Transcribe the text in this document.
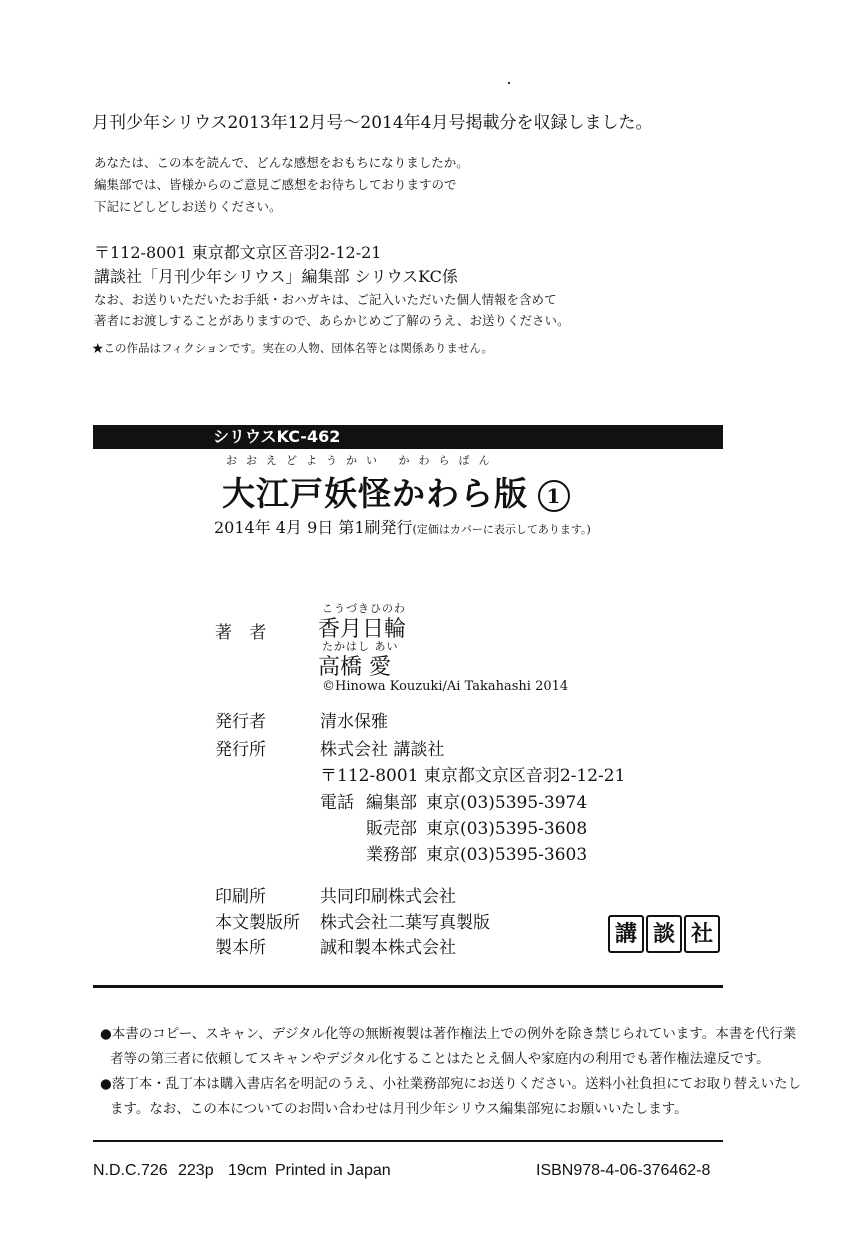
月刊少年シリウス2013年12月号〜2014年4月号掲載分を収録しました。
あなたは、この本を読んで、どんな感想をおもちになりましたか。
編集部では、皆様からのご意見ご感想をお待ちしておりますので
下記にどしどしお送りください。
〒112-8001 東京都文京区音羽2-12-21
講談社「月刊少年シリウス」編集部 シリウスKC係
なお、お送りいただいたお手紙・おハガキは、ご記入いただいた個人情報を含めて
著者にお渡しすることがありますので、あらかじめご了解のうえ、お送りください。
★この作品はフィクションです。実在の人物、団体名等とは関係ありません。
シリウスKC-462
おおえどようかい かわらばん
大江戸妖怪かわら版 1
2014年 4月 9日 第1刷発行(定価はカバーに表示してあります。)
著 者
こうづきひのわ
香月日輪
たかはし あい
高橋 愛
©Hinowa Kouzuki/Ai Takahashi 2014
発行者	清水保雅
発行所	株式会社 講談社
〒112-8001 東京都文京区音羽2-12-21
電話 編集部 東京(03)5395-3974
販売部 東京(03)5395-3608
業務部 東京(03)5395-3603
印刷所	共同印刷株式会社
本文製版所 株式会社二葉写真製版
製本所	誠和製本株式会社
講 談 社
●本書のコピー、スキャン、デジタル化等の無断複製は著作権法上での例外を除き禁じられています。本書を代行業
者等の第三者に依頼してスキャンやデジタル化することはたとえ個人や家庭内の利用でも著作権法違反です。
●落丁本・乱丁本は購入書店名を明記のうえ、小社業務部宛にお送りください。送料小社負担にてお取り替えいたし
ます。なお、この本についてのお問い合わせは月刊少年シリウス編集部宛にお願いいたします。
N.D.C.726 223p 19cm Printed in Japan	ISBN978-4-06-376462-8
